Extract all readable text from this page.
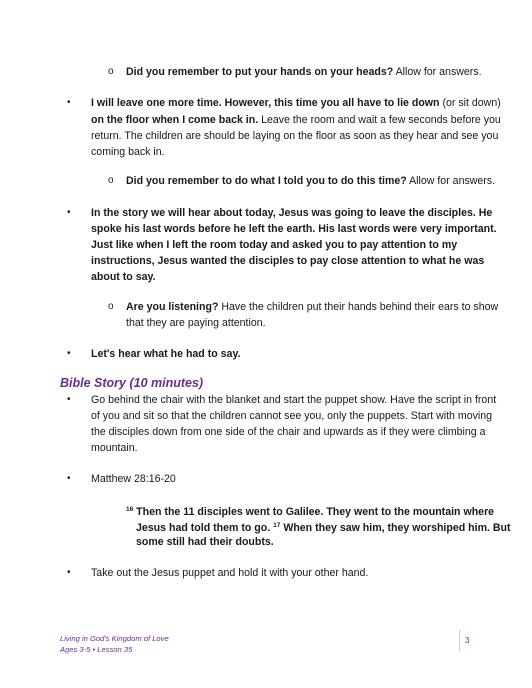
o Did you remember to put your hands on your heads? Allow for answers.
• I will leave one more time. However, this time you all have to lie down (or sit down)
on the floor when I come back in. Leave the room and wait a few seconds before you
return. The children are should be laying on the floor as soon as they hear and see you
coming back in.
o Did you remember to do what I told you to do this time? Allow for answers.
• In the story we will hear about today, Jesus was going to leave the disciples. He
spoke his last words before he left the earth. His last words were very important.
Just like when I left the room today and asked you to pay attention to my
instructions, Jesus wanted the disciples to pay close attention to what he was
about to say.
o Are you listening? Have the children put their hands behind their ears to show
that they are paying attention.
• Let's hear what he had to say.
Bible Story (10 minutes)
• Go behind the chair with the blanket and start the puppet show. Have the script in front
of you and sit so that the children cannot see you, only the puppets. Start with moving
the disciples down from one side of the chair and upwards as if they were climbing a
mountain.
• Matthew 28:16-20
$^{16}$ Then the 11 disciples went to Galilee. They went to the mountain where
Jesus had told them to go. $^{17}$ When they saw him, they worshiped him. But
some still had their doubts.
• Take out the Jesus puppet and hold it with your other hand.
Living in God's Kingdom of Love
Ages 3-5 • Lesson 35
3
